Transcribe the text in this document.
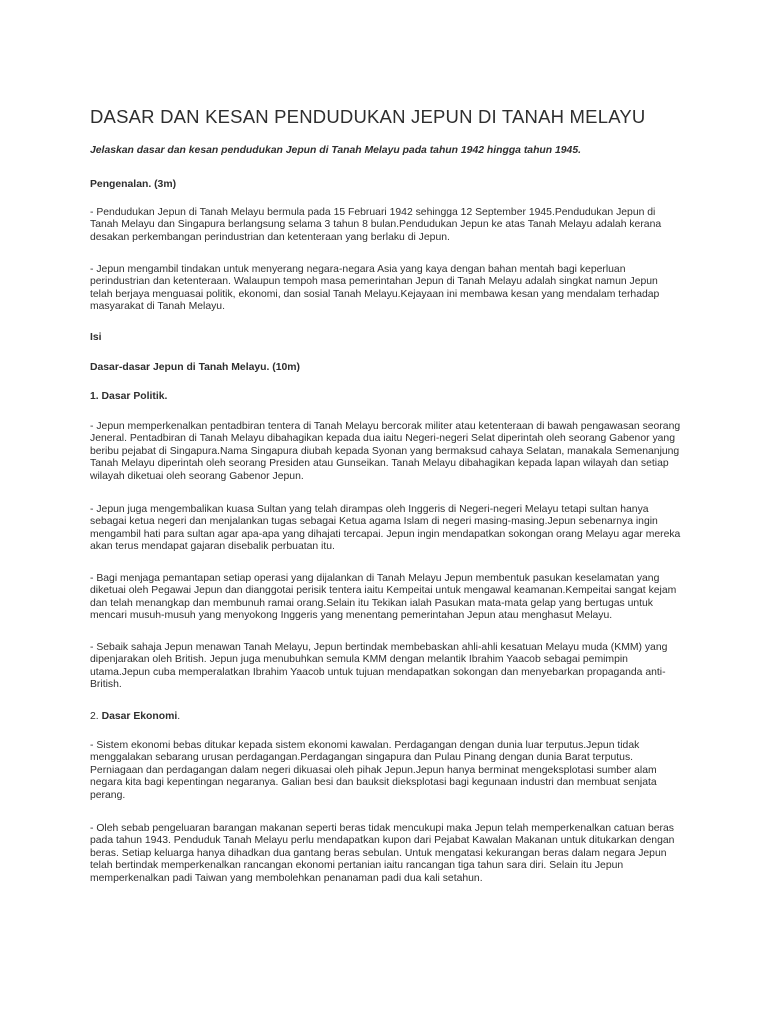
DASAR DAN KESAN PENDUDUKAN JEPUN DI TANAH MELAYU

Jelaskan dasar dan kesan pendudukan Jepun di Tanah Melayu pada tahun 1942 hingga tahun 1945.

Pengenalan. (3m)

- Pendudukan Jepun di Tanah Melayu bermula pada 15 Februari 1942 sehingga 12 September 1945.Pendudukan Jepun di Tanah Melayu dan Singapura berlangsung selama 3 tahun 8 bulan.Pendudukan Jepun ke atas Tanah Melayu adalah kerana desakan perkembangan perindustrian dan ketenteraan yang berlaku di Jepun.

- Jepun mengambil tindakan untuk menyerang negara-negara Asia yang kaya dengan bahan mentah bagi keperluan perindustrian dan ketenteraan. Walaupun tempoh masa pemerintahan Jepun di Tanah Melayu adalah singkat namun Jepun telah berjaya menguasai politik, ekonomi, dan sosial Tanah Melayu.Kejayaan ini membawa kesan yang mendalam terhadap masyarakat di Tanah Melayu.

Isi

Dasar-dasar Jepun di Tanah Melayu. (10m)

1. Dasar Politik.

- Jepun memperkenalkan pentadbiran tentera di Tanah Melayu bercorak militer atau ketenteraan di bawah pengawasan seorang Jeneral. Pentadbiran di Tanah Melayu dibahagikan kepada dua iaitu Negeri-negeri Selat diperintah oleh seorang Gabenor yang beribu pejabat di Singapura.Nama Singapura diubah kepada Syonan yang bermaksud cahaya Selatan, manakala Semenanjung Tanah Melayu diperintah oleh seorang Presiden atau Gunseikan. Tanah Melayu dibahagikan kepada lapan wilayah dan setiap wilayah diketuai oleh seorang Gabenor Jepun.

- Jepun juga mengembalikan kuasa Sultan yang telah dirampas oleh Inggeris di Negeri-negeri Melayu tetapi sultan hanya sebagai ketua negeri dan menjalankan tugas sebagai Ketua agama Islam di negeri masing-masing.Jepun sebenarnya ingin mengambil hati para sultan agar apa-apa yang dihajati tercapai. Jepun ingin mendapatkan sokongan orang Melayu agar mereka akan terus mendapat gajaran disebalik perbuatan itu.

- Bagi menjaga pemantapan setiap operasi yang dijalankan di Tanah Melayu Jepun membentuk pasukan keselamatan yang diketuai oleh Pegawai Jepun dan dianggotai perisik tentera iaitu Kempeitai untuk mengawal keamanan.Kempeitai sangat kejam dan telah menangkap dan membunuh ramai orang.Selain itu Tekikan ialah Pasukan mata-mata gelap yang bertugas untuk mencari musuh-musuh yang menyokong Inggeris yang menentang pemerintahan Jepun atau menghasut Melayu.

- Sebaik sahaja Jepun menawan Tanah Melayu, Jepun bertindak membebaskan ahli-ahli kesatuan Melayu muda (KMM) yang dipenjarakan oleh British. Jepun juga menubuhkan semula KMM dengan melantik Ibrahim Yaacob sebagai pemimpin utama.Jepun cuba memperalatkan Ibrahim Yaacob untuk tujuan mendapatkan sokongan dan menyebarkan propaganda anti-British.

2. Dasar Ekonomi.

- Sistem ekonomi bebas ditukar kepada sistem ekonomi kawalan. Perdagangan dengan dunia luar terputus.Jepun tidak menggalakan sebarang urusan perdagangan.Perdagangan singapura dan Pulau Pinang dengan dunia Barat terputus. Perniagaan dan perdagangan dalam negeri dikuasai oleh pihak Jepun.Jepun hanya berminat mengeksplotasi sumber alam negara kita bagi kepentingan negaranya. Galian besi dan bauksit dieksplotasi bagi kegunaan industri dan membuat senjata perang.

- Oleh sebab pengeluaran barangan makanan seperti beras tidak mencukupi maka Jepun telah memperkenalkan catuan beras pada tahun 1943. Penduduk Tanah Melayu perlu mendapatkan kupon dari Pejabat Kawalan Makanan untuk ditukarkan dengan beras. Setiap keluarga hanya dihadkan dua gantang beras sebulan. Untuk mengatasi kekurangan beras dalam negara Jepun telah bertindak memperkenalkan rancangan ekonomi pertanian iaitu rancangan tiga tahun sara diri. Selain itu Jepun memperkenalkan padi Taiwan yang membolehkan penanaman padi dua kali setahun.
